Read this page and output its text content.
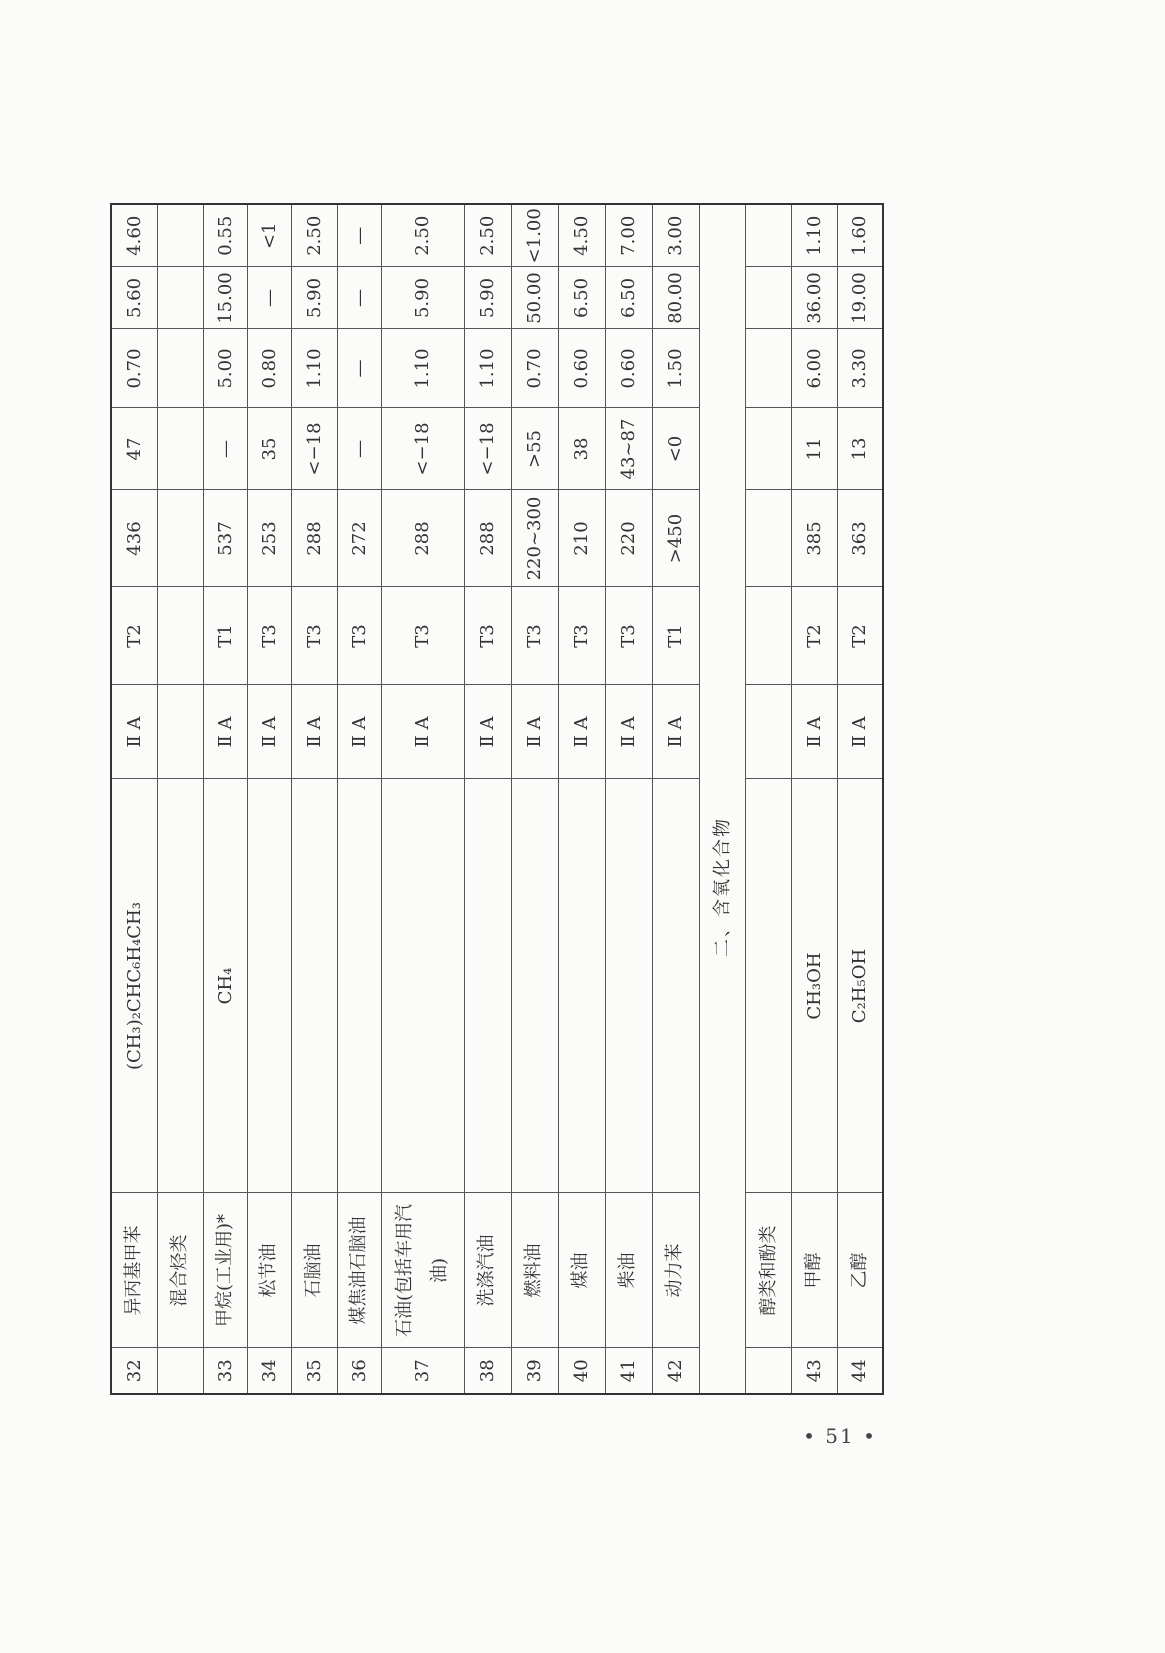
32	异丙基甲苯	(CH₃)₂CHC₆H₄CH₃	Ⅱ A	T2	436	47	0.70	5.60	4.60
	混合烃类								
33	甲烷(工业用)*	CH₄	Ⅱ A	T1	537	—	5.00	15.00	0.55
34	松节油		Ⅱ A	T3	253	35	0.80	—	<1
35	石脑油		Ⅱ A	T3	288	<−18	1.10	5.90	2.50
36	煤焦油石脑油		Ⅱ A	T3	272	—	—	—	—
37	石油(包括车用汽油)		Ⅱ A	T3	288	<−18	1.10	5.90	2.50
38	洗涤汽油		Ⅱ A	T3	288	<−18	1.10	5.90	2.50
39	燃料油		Ⅱ A	T3	220~300	>55	0.70	50.00	<1.00
40	煤油		Ⅱ A	T3	210	38	0.60	6.50	4.50
41	柴油		Ⅱ A	T3	220	43~87	0.60	6.50	7.00
42	动力苯		Ⅱ A	T1	>450	<0	1.50	80.00	3.00
		二、含氧化合物							
	醇类和酚类								
43	甲醇	CH₃OH	Ⅱ A	T2	385	11	6.00	36.00	1.10
44	乙醇	C₂H₅OH	Ⅱ A	T2	363	13	3.30	19.00	1.60
• 51 •
